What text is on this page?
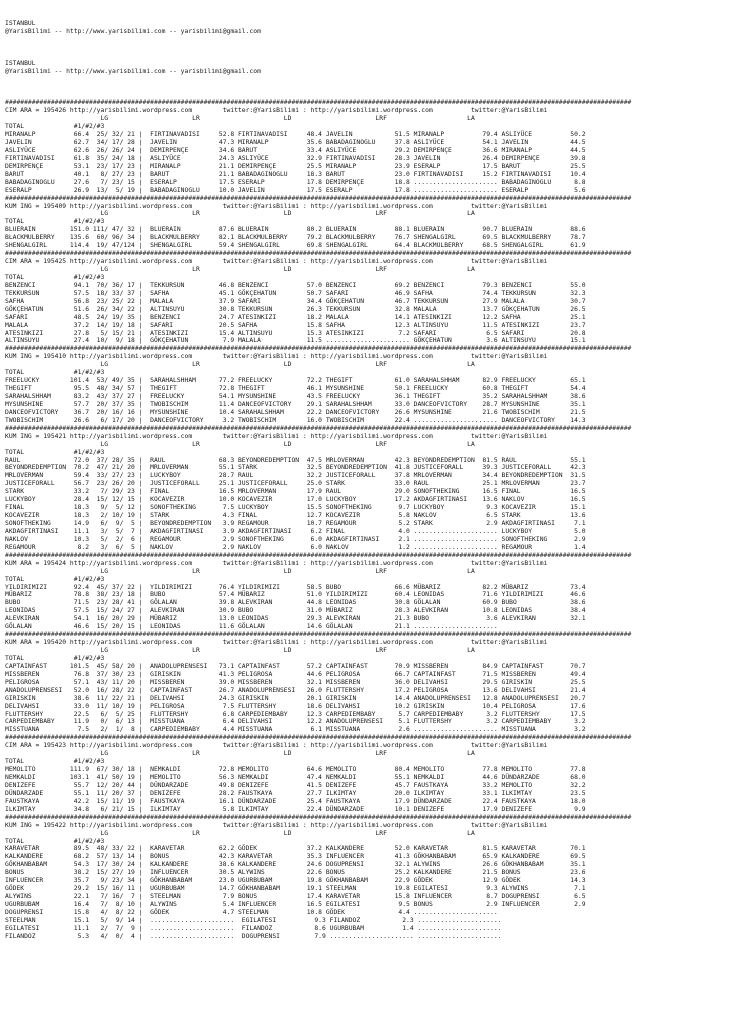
ISTANBUL
@YarisBilimi -- http://www.yarisbilimi.com -- yarisbilimi@gmail.com
ISTANBUL
@YarisBilimi -- http://www.yarisbilimi.com -- yarisbilimi@gmail.com

####################################################################################################################################################################
CIM ARA = 195426 http://yarisbilimi.wordpress.com        twitter:@YarisBilimi : http://yarisbilimi.wordpress.com          twitter:@YarisBilimi
LG                      LR                      LD                      LRF                     LA
TOTAL             #1/#2/#3
MIRANALP          66.4  25/ 32/ 21 |  FIRTINAVADISI     52.8 FIRTINAVADISI     48.4 JAVELIN           51.5 MIRANALP          79.4 ASLIYÜCE          50.2
JAVELIN           62.7  34/ 17/ 28 |  JAVELIN           47.3 MIRANALP          35.6 BABADAGINOGLU     37.8 ASLIYÜCE          54.1 JAVELIN           44.5
ASLIYÜCE          62.6  26/ 26/ 24 |  DEMIRPENÇE        34.6 BARUT             33.4 ASLIYÜCE          29.2 DEMIRPENÇE        36.6 MIRANALP          44.5
FIRTINAVADISI     61.8  35/ 24/ 18 |  ASLIYÜCE          24.3 ASLIYÜCE          32.9 FIRTINAVADISI     28.3 JAVELIN           26.4 DEMIRPENÇE        39.8
DEMIRPENÇE        53.1  23/ 17/ 23 |  MIRANALP          21.1 DEMIRPENÇE        25.5 MIRANALP          23.9 ESERALP           17.5 BARUT             25.5
BARUT             40.1   8/ 27/ 23 |  BARUT             21.1 BABADAGINOGLU     18.3 BARUT             23.0 FIRTINAVADISI     15.2 FIRTINAVADISI     10.4
BABADAGINOGLU     27.6   7/ 23/ 15 |  ESERALP           17.5 ESERALP           17.8 DEMIRPENÇE        18.8 ...................... BABADAGINOGLU      8.8
ESERALP           26.9  13/  5/ 19 |  BABADAGINOGLU     10.0 JAVELIN           17.5 ESERALP           17.8 ...................... ESERALP            5.6
####################################################################################################################################################################
KUM ING = 195409 http://yarisbilimi.wordpress.com        twitter:@YarisBilimi : http://yarisbilimi.wordpress.com          twitter:@YarisBilimi
LG                      LR                      LD                      LRF                     LA
TOTAL             #1/#2/#3
BLUERAIN         151.0 111/ 47/ 32 |  BLUERAIN          87.6 BLUERAIN          80.2 BLUERAIN          88.1 BLUERAIN          90.7 BLUERAIN          88.6
BLACKMULBERRY    135.6  60/ 96/ 34 |  BLACKMULBERRY     82.1 BLACKMULBERRY     79.2 BLACKMULBERRY     76.7 SHENGALGIRL       69.5 BLACKMULBERRY     78.7
SHENGALGIRL      114.4  19/ 47/124 |  SHENGALGIRL       59.4 SHENGALGIRL       69.8 SHENGALGIRL       64.4 BLACKMULBERRY     68.5 SHENGALGIRL       61.9
####################################################################################################################################################################
CIM ARA = 195425 http://yarisbilimi.wordpress.com        twitter:@YarisBilimi : http://yarisbilimi.wordpress.com          twitter:@YarisBilimi
LG                      LR                      LD                      LRF                     LA
TOTAL             #1/#2/#3
BENZENCI          94.1  70/ 36/ 17 |  TEKKURSUN         46.8 BENZENCI          57.0 BENZENCI          69.2 BENZENCI          79.3 BENZENCI          55.0
TEKKURSUN         57.5  18/ 33/ 37 |  SAFHA             45.1 GÖKÇEHATUN        50.7 SAFARI            46.9 SAFHA             74.4 TEKKURSUN         32.3
SAFHA             56.8  23/ 25/ 22 |  MALALA            37.9 SAFARI            34.4 GÖKÇEHATUN        46.7 TEKKURSUN         27.9 MALALA            30.7
GÖKÇEHATUN        51.6  26/ 34/ 22 |  ALTINSUYU         30.8 TEKKURSUN         26.3 TEKKURSUN         32.8 MALALA            13.7 GÖKÇEHATUN        26.5
SAFARI            48.5  24/ 19/ 35 |  BENZENCI          24.7 ATESINKIZI        18.2 MALALA            14.1 ATESINKIZI        12.2 SAFHA             25.1
MALALA            37.2  14/ 19/ 18 |  SAFARI            20.5 SAFHA             15.8 SAFHA             12.3 ALTINSUYU         11.5 ATESINKIZI        23.7
ATESINKIZI        27.8   5/ 15/ 21 |  ATESINKIZI        15.4 ALTINSUYU         15.3 ATESINKIZI         7.2 SAFARI             6.5 SAFARI            20.8
ALTINSUYU         27.4  10/  9/ 18 |  GÖKÇEHATUN         7.9 MALALA            11.5 ...................... GÖKÇEHATUN         3.6 ALTINSUYU         15.1
####################################################################################################################################################################
KUM ING = 195410 http://yarisbilimi.wordpress.com        twitter:@YarisBilimi : http://yarisbilimi.wordpress.com          twitter:@YarisBilimi
LG                      LR                      LD                      LRF                     LA
TOTAL             #1/#2/#3
FREELUCKY        101.4  53/ 49/ 35 |  SARAHALSHHAM      77.2 FREELUCKY         72.2 THEGIFT           61.0 SARAHALSHHAM      82.9 FREELUCKY         65.1
THEGIFT           95.5  48/ 34/ 57 |  THEGIFT           72.8 THEGIFT           46.1 MYSUNSHINE        50.1 FREELUCKY         60.8 THEGIFT           54.4
SARAHALSHHAM      83.2  43/ 37/ 27 |  FREELUCKY         54.1 MYSUNSHINE        43.5 FREELUCKY         36.1 THEGIFT           35.2 SARAHALSHHAM      38.6
MYSUNSHINE        57.7  20/ 37/ 35 |  TWOBISCHIM        11.4 DANCEOFVICTORY    29.1 SARAHALSHHAM      33.0 DANCEOFVICTORY    28.7 MYSUNSHINE        35.1
DANCEOFVICTORY    36.7  20/ 16/ 16 |  MYSUNSHINE        10.4 SARAHALSHHAM      22.2 DANCEOFVICTORY    26.6 MYSUNSHINE        21.6 TWOBISCHIM        21.5
TWOBISCHIM        26.6   6/ 17/ 20 |  DANCEOFVICTORY     3.2 TWOBISCHIM        16.0 TWOBISCHIM        22.4 ...................... DANCEOFVICTORY    14.3
####################################################################################################################################################################
KUM ING = 195421 http://yarisbilimi.wordpress.com        twitter:@YarisBilimi : http://yarisbilimi.wordpress.com          twitter:@YarisBilimi
LG                      LR                      LD                      LRF                     LA
TOTAL             #1/#2/#3
RAUL              72.0  37/ 28/ 35 |  RAUL              68.3 BEYONDREDEMPTION  47.5 MRLOVERMAN        42.3 BEYONDREDEMPTION  81.5 RAUL              55.1
BEYONDREDEMPTION  70.2  47/ 21/ 20 |  MRLOVERMAN        55.1 STARK             32.5 BEYONDREDEMPTION  41.8 JUSTICEFORALL     39.3 JUSTICEFORALL     42.3
MRLOVERMAN        59.4  33/ 27/ 23 |  LUCKYBOY          28.7 RAUL              32.2 JUSTICEFORALL     37.8 MRLOVERMAN        34.4 BEYONDREDEMPTION  31.5
JUSTICEFORALL     56.7  23/ 26/ 20 |  JUSTICEFORALL     25.1 JUSTICEFORALL     25.0 STARK             33.0 RAUL              25.1 MRLOVERMAN        23.7
STARK             33.2   7/ 29/ 23 |  FINAL             16.5 MRLOVERMAN        17.9 RAUL              29.0 SONOFTHEKING      16.5 FINAL             16.5
LUCKYBOY          28.4  15/ 12/ 15 |  KOCAVEZIR         10.0 KOCAVEZIR         17.0 LUCKYBOY          17.2 AKDAGFIRTINASI    13.6 NAKLOV            16.5
FINAL             18.3   9/  5/ 12 |  SONOFTHEKING       7.5 LUCKYBOY          15.5 SONOFTHEKING       9.7 LUCKYBOY           9.3 KOCAVEZIR         15.1
KOCAVEZIR         18.3   2/ 10/ 19 |  STARK              4.3 FINAL             12.7 KOCAVEZIR          5.8 NAKLOV             6.5 STARK             13.6
SONOFTHEKING      14.9   6/  9/  5 |  BEYONDREDEMPTION   3.9 REGAMOUR          10.7 REGAMOUR           5.2 STARK              2.9 AKDAGFIRTINASI     7.1
AKDAGFIRTINASI    11.1   3/  5/  7 |  AKDAGFIRTINASI     3.9 AKDAGFIRTINASI     6.2 FINAL              4.0 ...................... LUCKYBOY           5.0
NAKLOV            10.3   5/  2/  6 |  REGAMOUR           2.9 SONOFTHEKING       6.0 AKDAGFIRTINASI     2.1 ...................... SONOFTHEKING       2.9
REGAMOUR           8.2   3/  6/  5 |  NAKLOV             2.9 NAKLOV             6.0 NAKLOV             1.2 ...................... REGAMOUR           1.4
####################################################################################################################################################################
KUM ARA = 195424 http://yarisbilimi.wordpress.com        twitter:@YarisBilimi : http://yarisbilimi.wordpress.com          twitter:@YarisBilimi
LG                      LR                      LD                      LRF                     LA
TOTAL             #1/#2/#3
YILDIRIMIZI       92.4  45/ 37/ 22 |  YILDIRIMIZI       76.4 YILDIRIMIZI       58.5 BUBO              66.6 MÜBARIZ           82.2 MÜBARIZ           73.4
MÜBARIZ           78.8  38/ 23/ 18 |  BUBO              57.4 MÜBARIZ           51.0 YILDIRIMIZI       60.4 LEONIDAS          71.6 YILDIRIMIZI       46.6
BUBO              71.5  23/ 28/ 41 |  GÖLALAN           39.8 ALEVKIRAN         44.8 LEONIDAS          30.8 GÖLALAN           60.9 BUBO              38.6
LEONIDAS          57.5  15/ 24/ 27 |  ALEVKIRAN         30.9 BUBO              31.0 MÜBARIZ           28.3 ALEVKIRAN         10.8 LEONIDAS          38.4
ALEVKIRAN         54.1  16/ 20/ 29 |  MÜBARIZ           13.0 LEONIDAS          29.3 ALEVKIRAN         21.3 BUBO               3.6 ALEVKIRAN         32.1
GÖLALAN           46.6  15/ 20/ 15 |  LEONIDAS          11.6 GÖLALAN           14.6 GÖLALAN           21.1 ......................
####################################################################################################################################################################
KUM ARA = 195420 http://yarisbilimi.wordpress.com        twitter:@YarisBilimi : http://yarisbilimi.wordpress.com          twitter:@YarisBilimi
LG                      LR                      LD                      LRF                     LA
TOTAL             #1/#2/#3
CAPTAINFAST      101.5  45/ 58/ 20 |  ANADOLUPRENSESI   73.1 CAPTAINFAST       57.2 CAPTAINFAST       70.9 MISSBEREN         84.9 CAPTAINFAST       70.7
MISSBEREN         76.8  37/ 30/ 23 |  GIRISKIN          41.3 PELIGROSA         44.6 PELIGROSA         66.7 CAPTAINFAST       71.5 MISSBEREN         49.4
PELIGROSA         57.1  43/ 11/ 20 |  MISSBEREN         39.0 MISSBEREN         32.1 MISSBEREN         36.0 DELIVAHSI         29.5 GIRISKIN          25.5
ANADOLUPRENSESI   52.0  16/ 28/ 22 |  CAPTAINFAST       26.7 ANADOLUPRENSESI   26.0 FLUTTERSHY        17.2 PELIGROSA         13.6 DELIVAHSI         21.4
GIRISKIN          38.6  11/ 22/ 21 |  DELIVAHSI         24.3 GIRISKIN          20.1 GIRISKIN          14.4 ANADOLUPRENSESI   12.8 ANADOLUPRENSESI   20.7
DELIVAHSI         33.0  11/ 10/ 19 |  PELIGROSA          7.5 FLUTTERSHY        18.6 DELIVAHSI         10.2 GIRISKIN          10.4 PELIGROSA         17.6
FLUTTERSHY        22.5   6/  5/ 25 |  FLUTTERSHY         6.8 CARPEDIEMBABY     12.3 CARPEDIEMBABY      5.7 CARPEDIEMBABY      3.2 FLUTTERSHY        17.5
CARPEDIEMBABY     11.9   0/  6/ 13 |  MISSTUANA          6.4 DELIVAHSI         12.2 ANADOLUPRENSESI    5.1 FLUTTERSHY         3.2 CARPEDIEMBABY      3.2
MISSTUANA          7.5   2/  1/  8 |  CARPEDIEMBABY      4.4 MISSTUANA          6.1 MISSTUANA          2.6 ...................... MISSTUANA          3.2
####################################################################################################################################################################
CIM ARA = 195423 http://yarisbilimi.wordpress.com        twitter:@YarisBilimi : http://yarisbilimi.wordpress.com          twitter:@YarisBilimi
LG                      LR                      LD                      LRF                     LA
TOTAL             #1/#2/#3
MEMOLITO         111.9  67/ 30/ 18 |  NEMKALDI          72.8 MEMOLITO          64.6 MEMOLITO          80.4 MEMOLITO          77.8 MEMOLITO          77.8
NEMKALDI         103.1  41/ 50/ 19 |  MEMOLITO          56.3 NEMKALDI          47.4 NEMKALDI          55.1 NEMKALDI          44.6 DÜNDARZADE        68.0
DENIZEFE          55.7  12/ 20/ 44 |  DÜNDARZADE        49.8 DENIZEFE          41.5 DENIZEFE          45.7 FAUSTKAYA         33.2 MEMOLITO          32.2
DÜNDARZADE        55.1  11/ 20/ 37 |  DENIZEFE          28.2 FAUSTKAYA         27.7 ILKIMTAY          20.0 ILKIMTAY          33.1 ILKIMTAY          23.5
FAUSTKAYA         42.2  15/ 11/ 19 |  FAUSTKAYA         16.1 DÜNDARZADE        25.4 FAUSTKAYA         17.9 DÜNDARZADE        22.4 FAUSTKAYA         18.0
ILKIMTAY          34.8   6/ 21/ 15 |  ILKIMTAY           5.8 ILKIMTAY          22.4 DÜNDARZADE        10.1 DENIZEFE          17.9 DENIZEFE           9.9
####################################################################################################################################################################
KUM ING = 195422 http://yarisbilimi.wordpress.com        twitter:@YarisBilimi : http://yarisbilimi.wordpress.com          twitter:@YarisBilimi
LG                      LR                      LD                      LRF                     LA
TOTAL             #1/#2/#3
KARAVETAR         89.5  48/ 33/ 22 |  KARAVETAR         62.2 GÖDEK             37.2 KALKANDERE        52.0 KARAVETAR         81.5 KARAVETAR         70.1
KALKANDERE        68.2  57/ 13/ 14 |  BONUS             42.3 KARAVETAR         35.3 INFLUENCER        41.3 GÖKHANBABAM       65.9 KALKANDERE        69.5
GÖKHANBABAM       54.3  17/ 30/ 24 |  KALKANDERE        38.6 KALKANDERE        24.6 DOGUPRENSI        32.1 ALYWINS           26.6 GÖKHANBABAM       35.1
BONUS             38.2  15/ 27/ 19 |  INFLUENCER        30.5 ALYWINS           22.6 BONUS             25.2 KALKANDERE        21.5 BONUS             23.6
INFLUENCER        35.7   9/ 23/ 34 |  GÖKHANBABAM       23.0 UGURBUBAM         19.8 GÖKHANBABAM       22.9 GÖDEK             12.9 GÖDEK             14.3
GÖDEK             29.2  15/ 16/ 11 |  UGURBUBAM         14.7 GÖKHANBABAM       19.1 STEELMAN          19.8 EGILATESI          9.3 ALYWINS            7.1
ALYWINS           22.1   7/ 16/  7 |  STEELMAN           7.9 BONUS             17.4 KARAVETAR         15.8 INFLUENCER         8.7 DOGUPRENSI         6.5
UGURBUBAM         16.4   7/  8/ 10 |  ALYWINS            5.4 INFLUENCER        16.5 EGILATESI          9.5 BONUS              2.9 INFLUENCER         2.9
DOGUPRENSI        15.8   4/  8/ 22 |  GÖDEK              4.7 STEELMAN          10.8 GÖDEK              4.4 ......................
STEELMAN          15.1   5/  9/ 14 |  ......................  EGILATESI          9.3 FILANDOZ           2.3 ......................
EGILATESI         11.1   2/  7/  9 |  ......................  FILANDOZ           8.6 UGURBUBAM          1.4 ......................
FILANDOZ           5.3   4/  0/  4 |  ......................  DOGUPRENSI         7.9 ...................... ......................
